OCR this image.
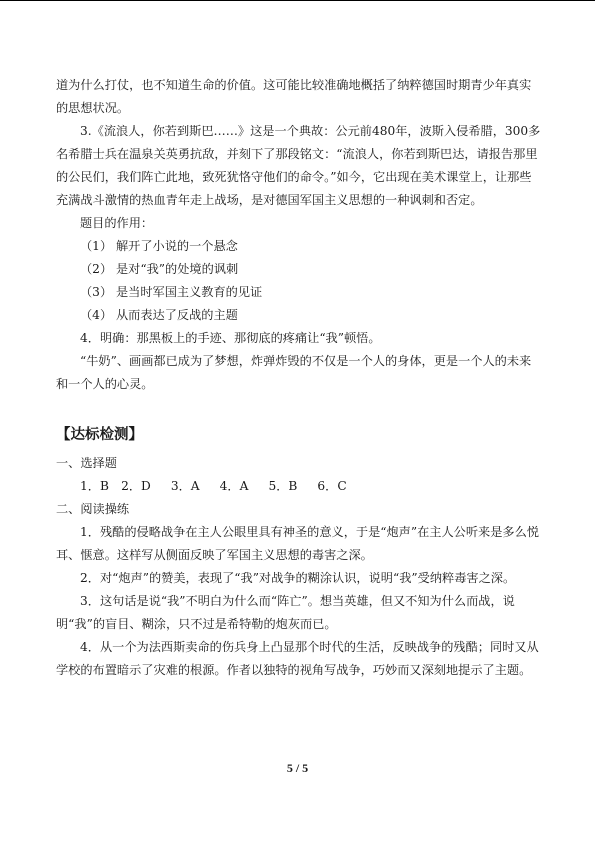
道为什么打仗，也不知道生命的价值。这可能比较准确地概括了纳粹德国时期青少年真实的思想状况。

3.《流浪人，你若到斯巴……》这是一个典故：公元前480年，波斯入侵希腊，300多名希腊士兵在温泉关英勇抗敌，并刻下了那段铭文：“流浪人，你若到斯巴达，请报告那里的公民们，我们阵亡此地，致死犹恪守他们的命令。”如今，它出现在美术课堂上，让那些充满战斗激情的热血青年走上战场，是对德国军国主义思想的一种讽刺和否定。

题目的作用：

（1） 解开了小说的一个悬念

（2） 是对“我”的处境的讽刺

（3） 是当时军国主义教育的见证

（4） 从而表达了反战的主题

4．明确：那黑板上的手迹、那彻底的疼痛让“我”顿悟。

“牛奶”、画画都已成为了梦想，炸弹炸毁的不仅是一个人的身体，更是一个人的未来和一个人的心灵。

【达标检测】

一、选择题

1．B　2．D　 3．A　 4．A　 5．B　 6．C

二、阅读操练

1．残酷的侵略战争在主人公眼里具有神圣的意义，于是“炮声”在主人公听来是多么悦耳、惬意。这样写从侧面反映了军国主义思想的毒害之深。

2．对“炮声”的赞美，表现了“我”对战争的糊涂认识，说明“我”受纳粹毒害之深。

3．这句话是说“我”不明白为什么而“阵亡”。想当英雄，但又不知为什么而战，说明“我”的盲目、糊涂，只不过是希特勒的炮灰而已。

4．从一个为法西斯卖命的伤兵身上凸显那个时代的生活，反映战争的残酷；同时又从学校的布置暗示了灾难的根源。作者以独特的视角写战争，巧妙而又深刻地提示了主题。

5 / 5
